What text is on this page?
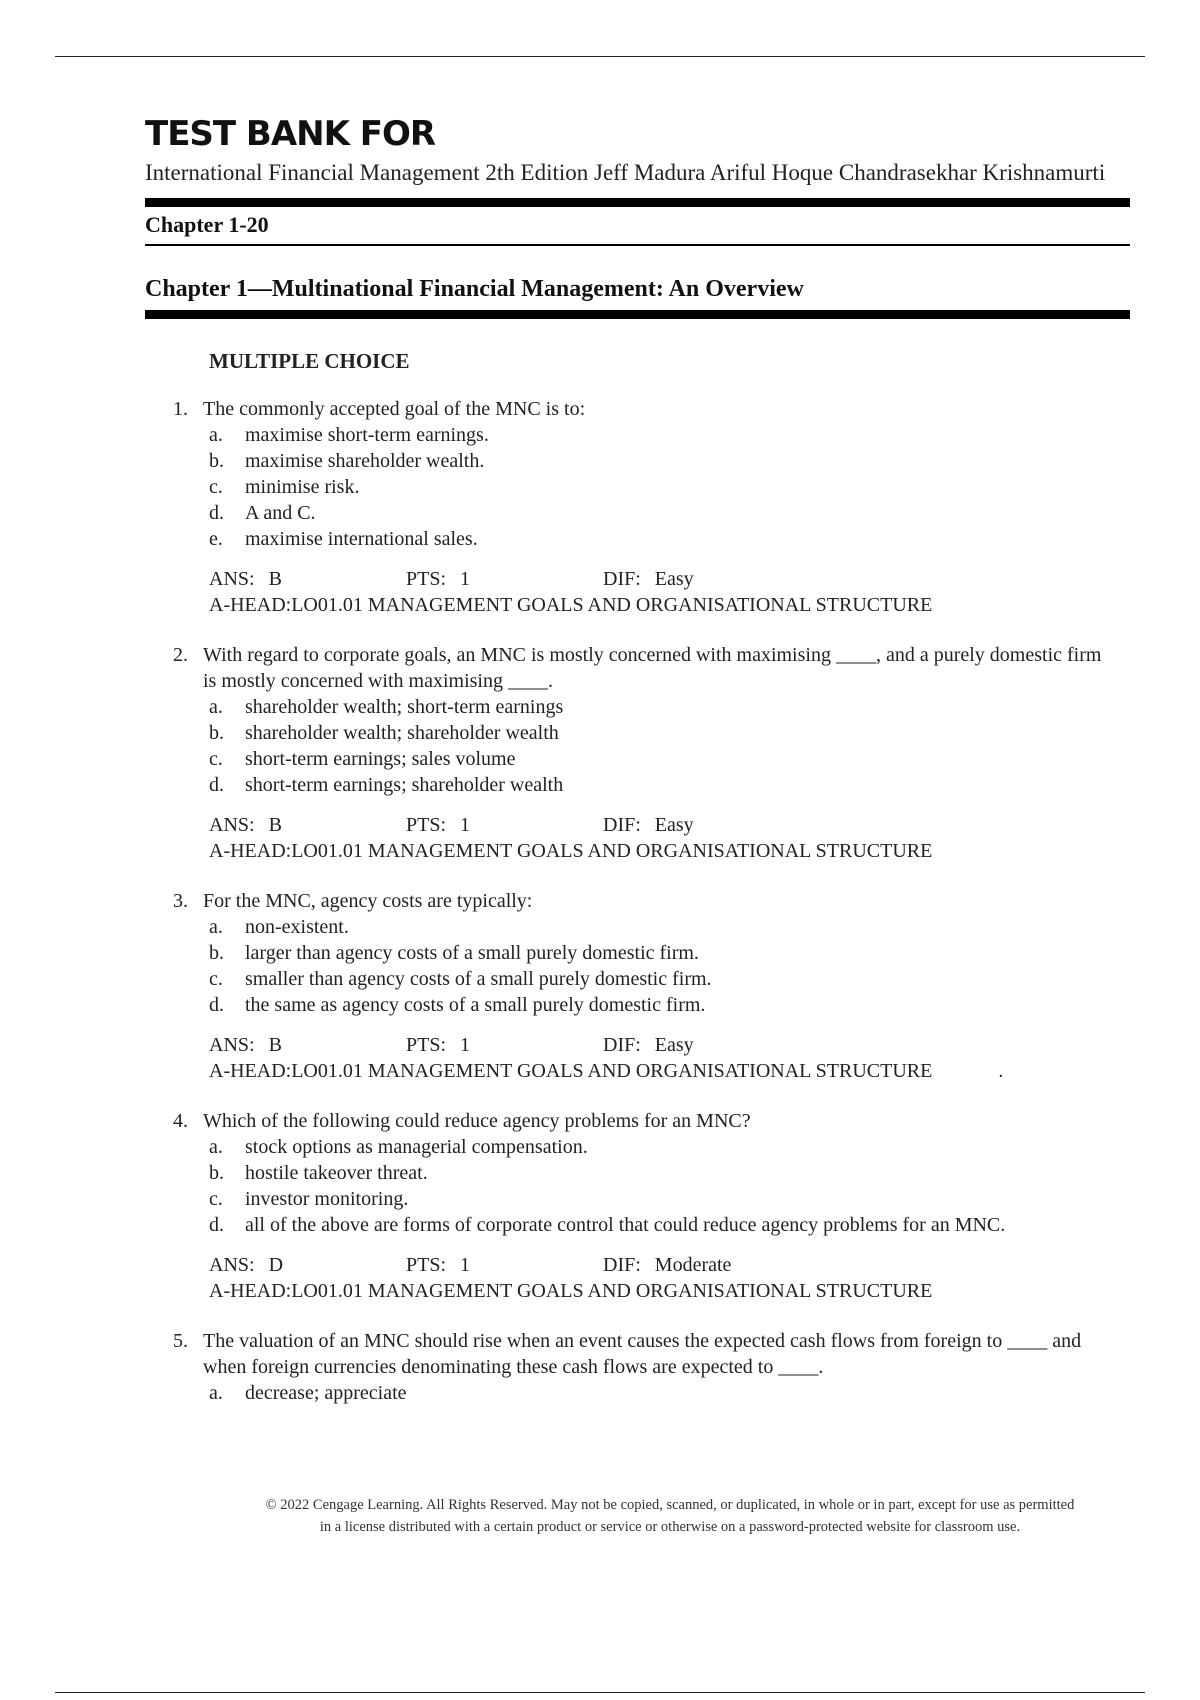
TEST BANK FOR

International Financial Management 2th Edition Jeff Madura Ariful Hoque Chandrasekhar Krishnamurti

Chapter 1-20
Chapter 1—Multinational Financial Management: An Overview
MULTIPLE CHOICE
1. The commonly accepted goal of the MNC is to:
a.	maximise short-term earnings.
b.	maximise shareholder wealth.
c.	minimise risk.
d.	A and C.
e.	maximise international sales.
ANS: B	PTS: 1	DIF: Easy
A-HEAD:LO01.01 MANAGEMENT GOALS AND ORGANISATIONAL STRUCTURE
2. With regard to corporate goals, an MNC is mostly concerned with maximising ____, and a purely domestic firm is mostly concerned with maximising ____.
a.	shareholder wealth; short-term earnings
b.	shareholder wealth; shareholder wealth
c.	short-term earnings; sales volume
d.	short-term earnings; shareholder wealth
ANS: B	PTS: 1	DIF: Easy
A-HEAD:LO01.01 MANAGEMENT GOALS AND ORGANISATIONAL STRUCTURE
3. For the MNC, agency costs are typically:
a.	non-existent.
b.	larger than agency costs of a small purely domestic firm.
c.	smaller than agency costs of a small purely domestic firm.
d.	the same as agency costs of a small purely domestic firm.
ANS: B	PTS: 1	DIF: Easy
A-HEAD:LO01.01 MANAGEMENT GOALS AND ORGANISATIONAL STRUCTURE	.
4. Which of the following could reduce agency problems for an MNC?
a.	stock options as managerial compensation.
b.	hostile takeover threat.
c.	investor monitoring.
d.	all of the above are forms of corporate control that could reduce agency problems for an MNC.
ANS: D	PTS: 1	DIF: Moderate
A-HEAD:LO01.01 MANAGEMENT GOALS AND ORGANISATIONAL STRUCTURE
5. The valuation of an MNC should rise when an event causes the expected cash flows from foreign to ____ and when foreign currencies denominating these cash flows are expected to ____.
a.	decrease; appreciate
© 2022 Cengage Learning. All Rights Reserved. May not be copied, scanned, or duplicated, in whole or in part, except for use as permitted
in a license distributed with a certain product or service or otherwise on a password-protected website for classroom use.
